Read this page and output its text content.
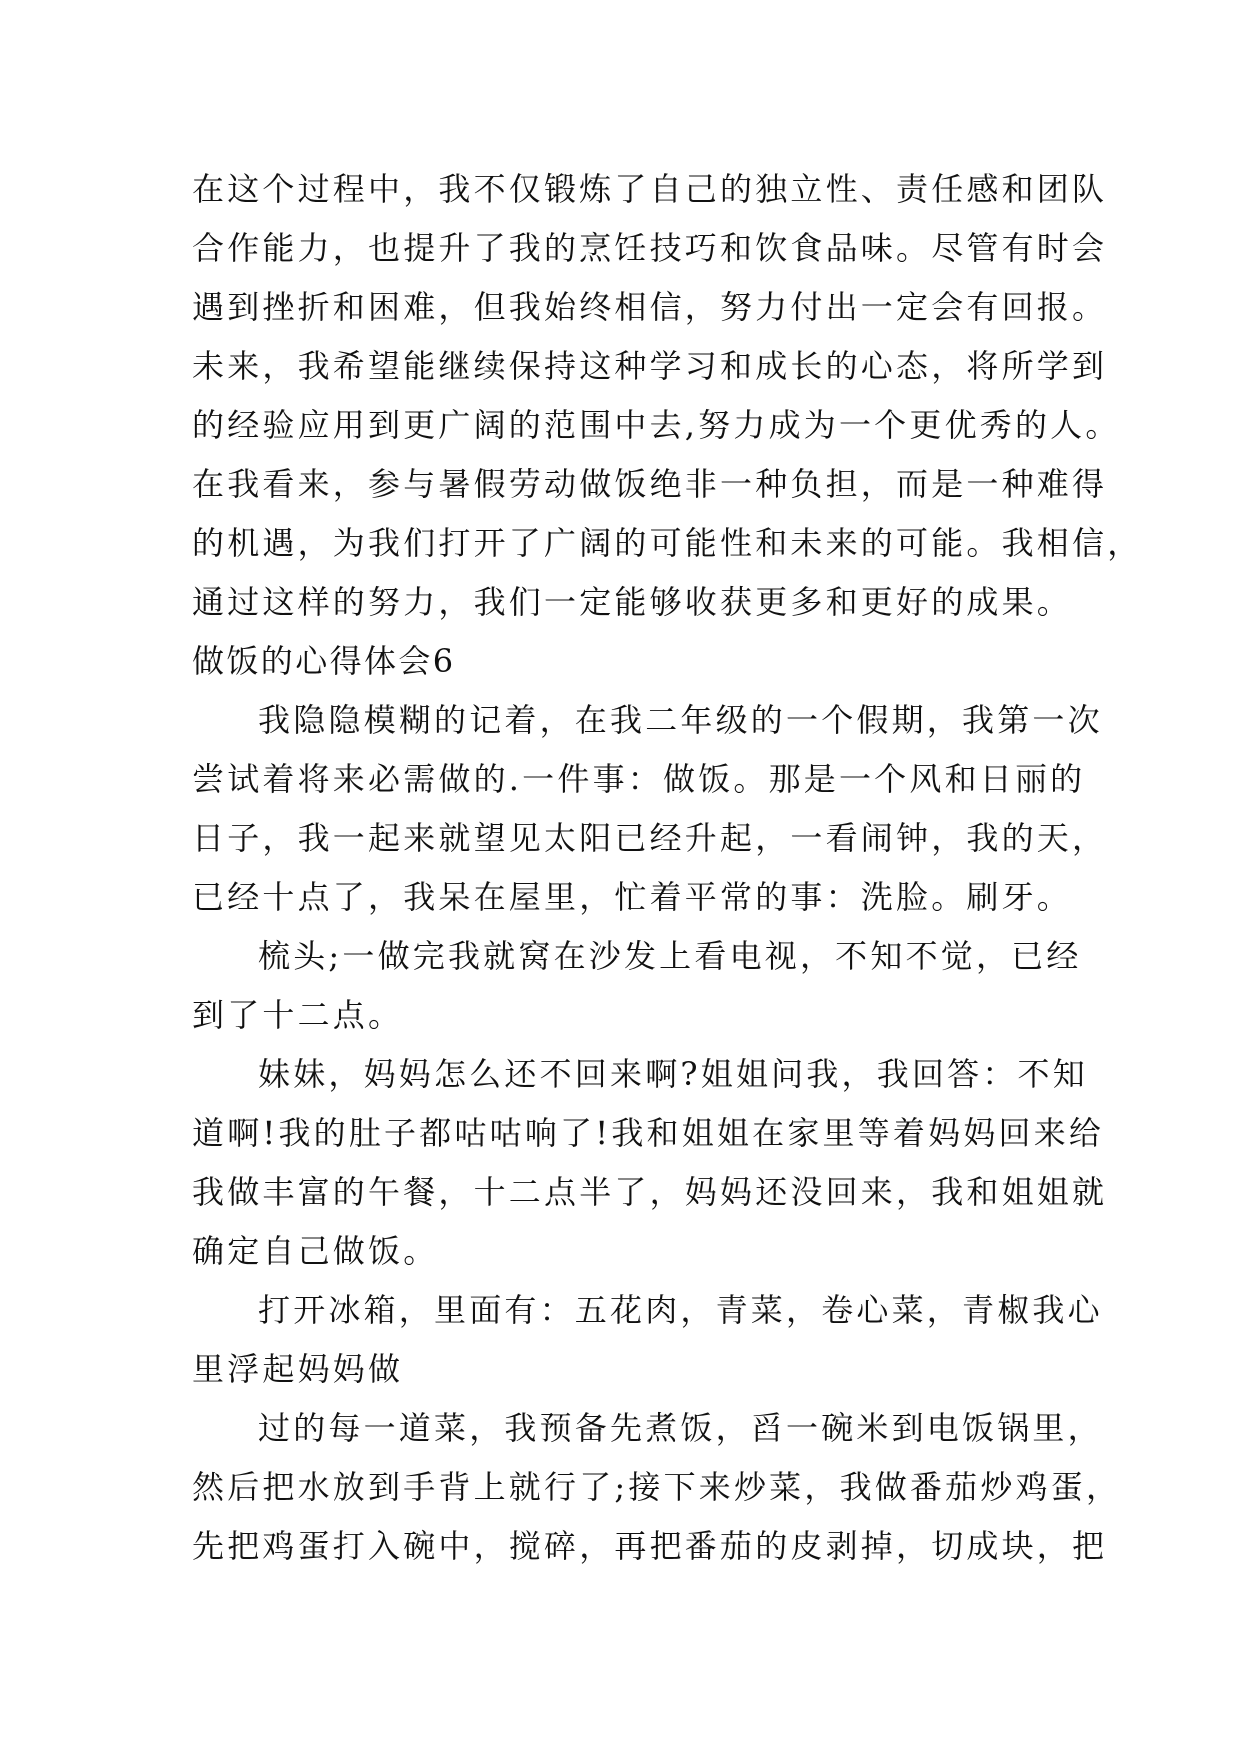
在这个过程中，我不仅锻炼了自己的独立性、责任感和团队
合作能力，也提升了我的烹饪技巧和饮食品味。尽管有时会
遇到挫折和困难，但我始终相信，努力付出一定会有回报。
未来，我希望能继续保持这种学习和成长的心态，将所学到
的经验应用到更广阔的范围中去,努力成为一个更优秀的人。
在我看来，参与暑假劳动做饭绝非一种负担，而是一种难得
的机遇，为我们打开了广阔的可能性和未来的可能。我相信，
通过这样的努力，我们一定能够收获更多和更好的成果。
做饭的心得体会6
我隐隐模糊的记着，在我二年级的一个假期，我第一次
尝试着将来必需做的.一件事：做饭。那是一个风和日丽的
日子，我一起来就望见太阳已经升起，一看闹钟，我的天，
已经十点了，我呆在屋里，忙着平常的事：洗脸。刷牙。
梳头;一做完我就窝在沙发上看电视，不知不觉，已经
到了十二点。
妹妹，妈妈怎么还不回来啊?姐姐问我，我回答：不知
道啊!我的肚子都咕咕响了!我和姐姐在家里等着妈妈回来给
我做丰富的午餐，十二点半了，妈妈还没回来，我和姐姐就
确定自己做饭。
打开冰箱，里面有：五花肉，青菜，卷心菜，青椒我心
里浮起妈妈做
过的每一道菜，我预备先煮饭，舀一碗米到电饭锅里，
然后把水放到手背上就行了;接下来炒菜，我做番茄炒鸡蛋，
先把鸡蛋打入碗中，搅碎，再把番茄的皮剥掉，切成块，把
